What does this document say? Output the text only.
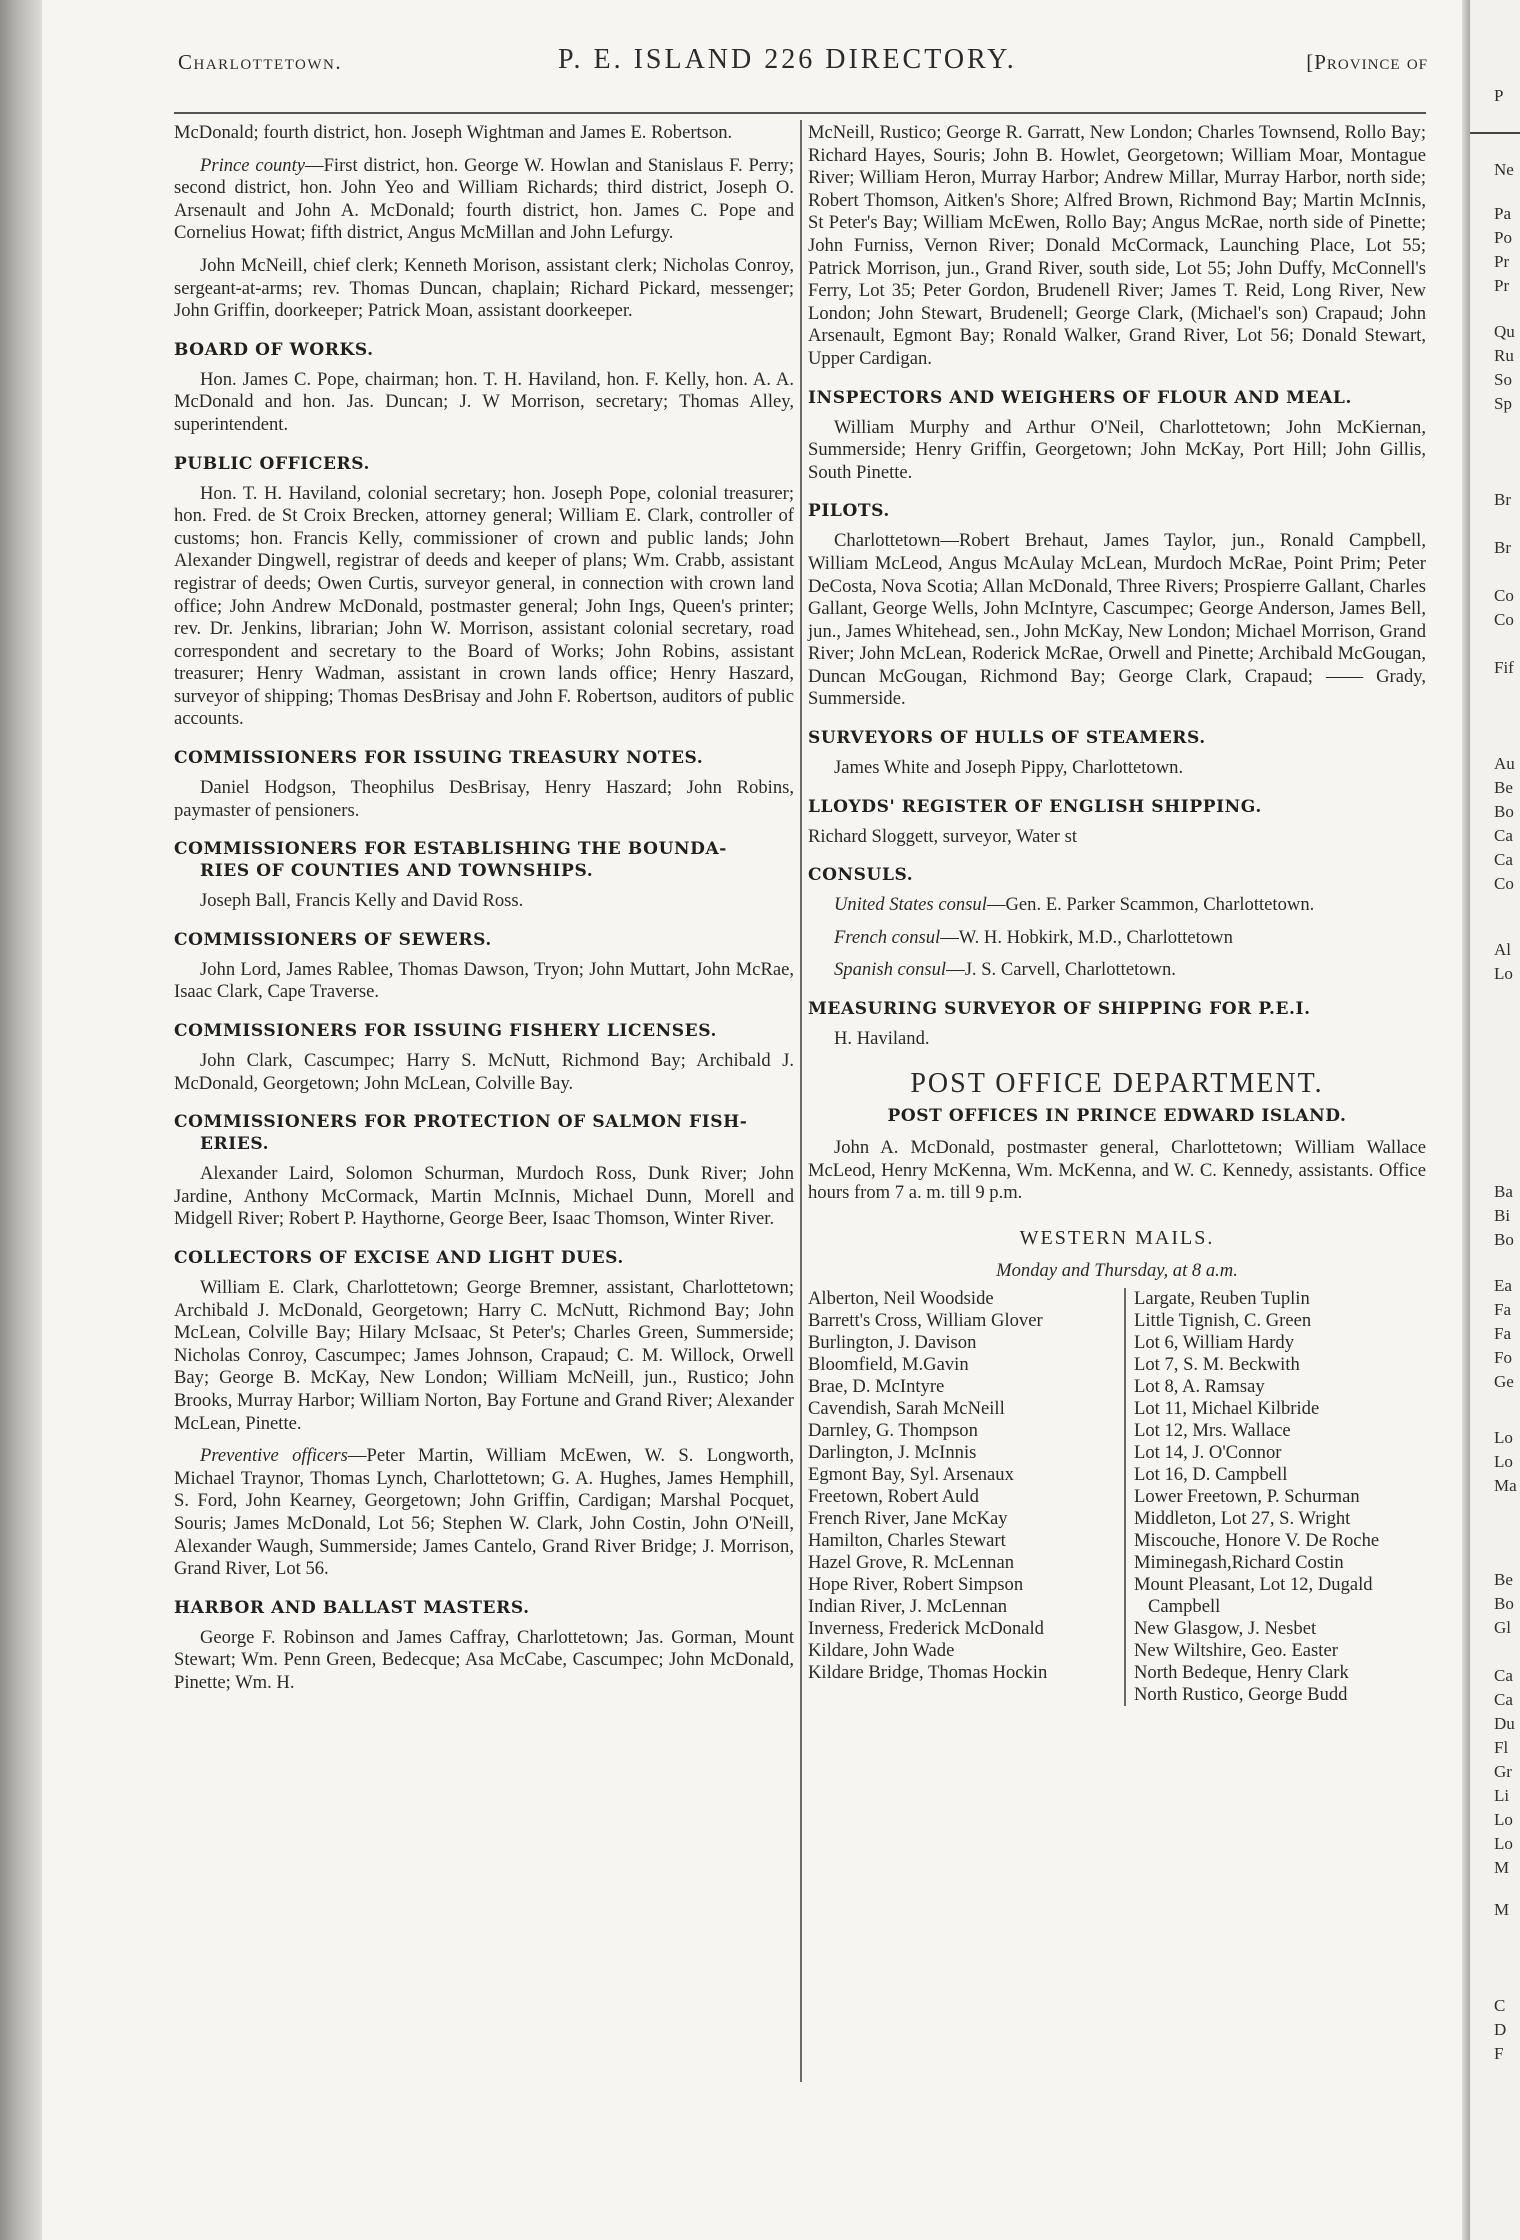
P
Ne
Pa
Po
Pr
Pr
Qu
Ru
So
Sp
Br
Br
Co
Co
Fif
Au
Be
Bo
Ca
Ca
Co
Al
Lo
Ba
Bi
Bo
Ea
Fa
Fa
Fo
Ge
Lo
Lo
Ma
Be
Bo
Gl
Ca
Ca
Du
Fl
Gr
Li
Lo
Lo
M
M
C
D
F
Charlottetown.	P. E. ISLAND 226 DIRECTORY.	[Province of

McDonald; fourth district, hon. Joseph Wightman and James E. Robertson.

Prince county—First district, hon. George W. Howlan and Stanislaus F. Perry; second district, hon. John Yeo and William Richards; third district, Joseph O. Arsenault and John A. McDonald; fourth district, hon. James C. Pope and Cornelius Howat; fifth district, Angus McMillan and John Lefurgy.

John McNeill, chief clerk; Kenneth Morison, assistant clerk; Nicholas Conroy, sergeant-at-arms; rev. Thomas Duncan, chaplain; Richard Pickard, messenger; John Griffin, doorkeeper; Patrick Moan, assistant doorkeeper.

BOARD OF WORKS.

Hon. James C. Pope, chairman; hon. T. H. Haviland, hon. F. Kelly, hon. A. A. McDonald and hon. Jas. Duncan; J. W Morrison, secretary; Thomas Alley, superintendent.

PUBLIC OFFICERS.

Hon. T. H. Haviland, colonial secretary; hon. Joseph Pope, colonial treasurer; hon. Fred. de St Croix Brecken, attorney general; William E. Clark, controller of customs; hon. Francis Kelly, commissioner of crown and public lands; John Alexander Dingwell, registrar of deeds and keeper of plans; Wm. Crabb, assistant registrar of deeds; Owen Curtis, surveyor general, in connection with crown land office; John Andrew McDonald, postmaster general; John Ings, Queen's printer; rev. Dr. Jenkins, librarian; John W. Morrison, assistant colonial secretary, road correspondent and secretary to the Board of Works; John Robins, assistant treasurer; Henry Wadman, assistant in crown lands office; Henry Haszard, surveyor of shipping; Thomas DesBrisay and John F. Robertson, auditors of public accounts.

COMMISSIONERS FOR ISSUING TREASURY NOTES.

Daniel Hodgson, Theophilus DesBrisay, Henry Haszard; John Robins, paymaster of pensioners.

COMMISSIONERS FOR ESTABLISHING THE BOUNDA-
RIES OF COUNTIES AND TOWNSHIPS.

Joseph Ball, Francis Kelly and David Ross.

COMMISSIONERS OF SEWERS.

John Lord, James Rablee, Thomas Dawson, Tryon; John Muttart, John McRae, Isaac Clark, Cape Traverse.

COMMISSIONERS FOR ISSUING FISHERY LICENSES.

John Clark, Cascumpec; Harry S. McNutt, Richmond Bay; Archibald J. McDonald, Georgetown; John McLean, Colville Bay.

COMMISSIONERS FOR PROTECTION OF SALMON FISH-
ERIES.

Alexander Laird, Solomon Schurman, Murdoch Ross, Dunk River; John Jardine, Anthony McCormack, Martin McInnis, Michael Dunn, Morell and Midgell River; Robert P. Haythorne, George Beer, Isaac Thomson, Winter River.

COLLECTORS OF EXCISE AND LIGHT DUES.

William E. Clark, Charlottetown; George Bremner, assistant, Charlottetown; Archibald J. McDonald, Georgetown; Harry C. McNutt, Richmond Bay; John McLean, Colville Bay; Hilary McIsaac, St Peter's; Charles Green, Summerside; Nicholas Conroy, Cascumpec; James Johnson, Crapaud; C. M. Willock, Orwell Bay; George B. McKay, New London; William McNeill, jun., Rustico; John Brooks, Murray Harbor; William Norton, Bay Fortune and Grand River; Alexander McLean, Pinette.

Preventive officers—Peter Martin, William McEwen, W. S. Longworth, Michael Traynor, Thomas Lynch, Charlottetown; G. A. Hughes, James Hemphill, S. Ford, John Kearney, Georgetown; John Griffin, Cardigan; Marshal Pocquet, Souris; James McDonald, Lot 56; Stephen W. Clark, John Costin, John O'Neill, Alexander Waugh, Summerside; James Cantelo, Grand River Bridge; J. Morrison, Grand River, Lot 56.

HARBOR AND BALLAST MASTERS.

George F. Robinson and James Caffray, Charlottetown; Jas. Gorman, Mount Stewart; Wm. Penn Green, Bedecque; Asa McCabe, Cascumpec; John McDonald, Pinette; Wm. H.

McNeill, Rustico; George R. Garratt, New London; Charles Townsend, Rollo Bay; Richard Hayes, Souris; John B. Howlet, Georgetown; William Moar, Montague River; William Heron, Murray Harbor; Andrew Millar, Murray Harbor, north side; Robert Thomson, Aitken's Shore; Alfred Brown, Richmond Bay; Martin McInnis, St Peter's Bay; William McEwen, Rollo Bay; Angus McRae, north side of Pinette; John Furniss, Vernon River; Donald McCormack, Launching Place, Lot 55; Patrick Morrison, jun., Grand River, south side, Lot 55; John Duffy, McConnell's Ferry, Lot 35; Peter Gordon, Brudenell River; James T. Reid, Long River, New London; John Stewart, Brudenell; George Clark, (Michael's son) Crapaud; John Arsenault, Egmont Bay; Ronald Walker, Grand River, Lot 56; Donald Stewart, Upper Cardigan.

INSPECTORS AND WEIGHERS OF FLOUR AND MEAL.

William Murphy and Arthur O'Neil, Charlottetown; John McKiernan, Summerside; Henry Griffin, Georgetown; John McKay, Port Hill; John Gillis, South Pinette.

PILOTS.

Charlottetown—Robert Brehaut, James Taylor, jun., Ronald Campbell, William McLeod, Angus McAulay McLean, Murdoch McRae, Point Prim; Peter DeCosta, Nova Scotia; Allan McDonald, Three Rivers; Prospierre Gallant, Charles Gallant, George Wells, John McIntyre, Cascumpec; George Anderson, James Bell, jun., James Whitehead, sen., John McKay, New London; Michael Morrison, Grand River; John McLean, Roderick McRae, Orwell and Pinette; Archibald McGougan, Duncan McGougan, Richmond Bay; George Clark, Crapaud; —— Grady, Summerside.

SURVEYORS OF HULLS OF STEAMERS.

James White and Joseph Pippy, Charlottetown.

LLOYDS' REGISTER OF ENGLISH SHIPPING.

Richard Sloggett, surveyor, Water st

CONSULS.

United States consul—Gen. E. Parker Scammon, Charlottetown.

French consul—W. H. Hobkirk, M.D., Charlottetown

Spanish consul—J. S. Carvell, Charlottetown.

MEASURING SURVEYOR OF SHIPPING FOR P.E.I.

H. Haviland.

POST OFFICE DEPARTMENT.
POST OFFICES IN PRINCE EDWARD ISLAND.

John A. McDonald, postmaster general, Charlottetown; William Wallace McLeod, Henry McKenna, Wm. McKenna, and W. C. Kennedy, assistants. Office hours from 7 a. m. till 9 p.m.

WESTERN MAILS.
Monday and Thursday, at 8 a.m.
Alberton, Neil Woodside
Barrett's Cross, William Glover
Burlington, J. Davison
Bloomfield, M.Gavin
Brae, D. McIntyre
Cavendish, Sarah McNeill
Darnley, G. Thompson
Darlington, J. McInnis
Egmont Bay, Syl. Arsenaux
Freetown, Robert Auld
French River, Jane McKay
Hamilton, Charles Stewart
Hazel Grove, R. McLennan
Hope River, Robert Simpson
Indian River, J. McLennan
Inverness, Frederick McDonald
Kildare, John Wade
Kildare Bridge, Thomas Hockin
Largate, Reuben Tuplin
Little Tignish, C. Green
Lot 6, William Hardy
Lot 7, S. M. Beckwith
Lot 8, A. Ramsay
Lot 11, Michael Kilbride
Lot 12, Mrs. Wallace
Lot 14, J. O'Connor
Lot 16, D. Campbell
Lower Freetown, P. Schurman
Middleton, Lot 27, S. Wright
Miscouche, Honore V. De Roche
Miminegash,Richard Costin
Mount Pleasant, Lot 12, Dugald Campbell
New Glasgow, J. Nesbet
New Wiltshire, Geo. Easter
North Bedeque, Henry Clark
North Rustico, George Budd
